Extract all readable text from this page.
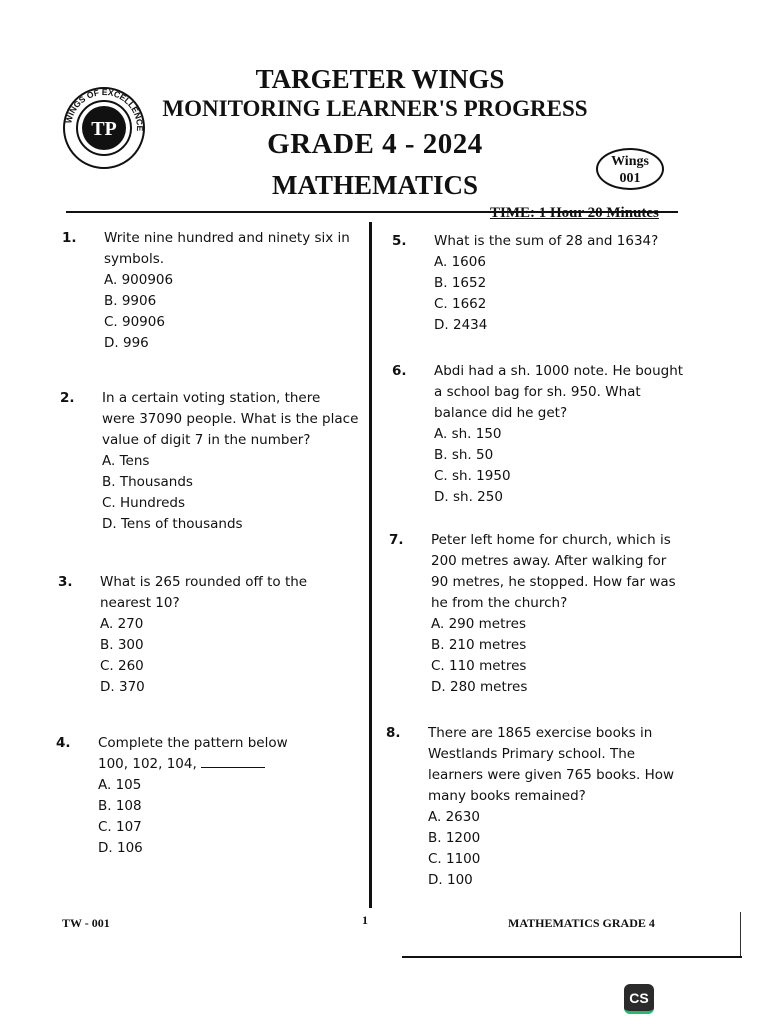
WINGS OF EXCELLENCE
TP
TARGETER WINGS
MONITORING LEARNER'S PROGRESS
GRADE 4 - 2024
MATHEMATICS
Wings
001
TIME: 1 Hour 20 Minutes
1. Write nine hundred and ninety six in
symbols.
A. 900906
B. 9906
C. 90906
D. 996
2. In a certain voting station, there
were 37090 people. What is the place
value of digit 7 in the number?
A. Tens
B. Thousands
C. Hundreds
D. Tens of thousands
3. What is 265 rounded off to the
nearest 10?
A. 270
B. 300
C. 260
D. 370
4. Complete the pattern below
100, 102, 104,
A. 105
B. 108
C. 107
D. 106
5. What is the sum of 28 and 1634?
A. 1606
B. 1652
C. 1662
D. 2434
6. Abdi had a sh. 1000 note. He bought
a school bag for sh. 950. What
balance did he get?
A. sh. 150
B. sh. 50
C. sh. 1950
D. sh. 250
7. Peter left home for church, which is
200 metres away. After walking for
90 metres, he stopped. How far was
he from the church?
A. 290 metres
B. 210 metres
C. 110 metres
D. 280 metres
8. There are 1865 exercise books in
Westlands Primary school. The
learners were given 765 books. How
many books remained?
A. 2630
B. 1200
C. 1100
D. 100
TW - 001	1	MATHEMATICS GRADE 4
CS
